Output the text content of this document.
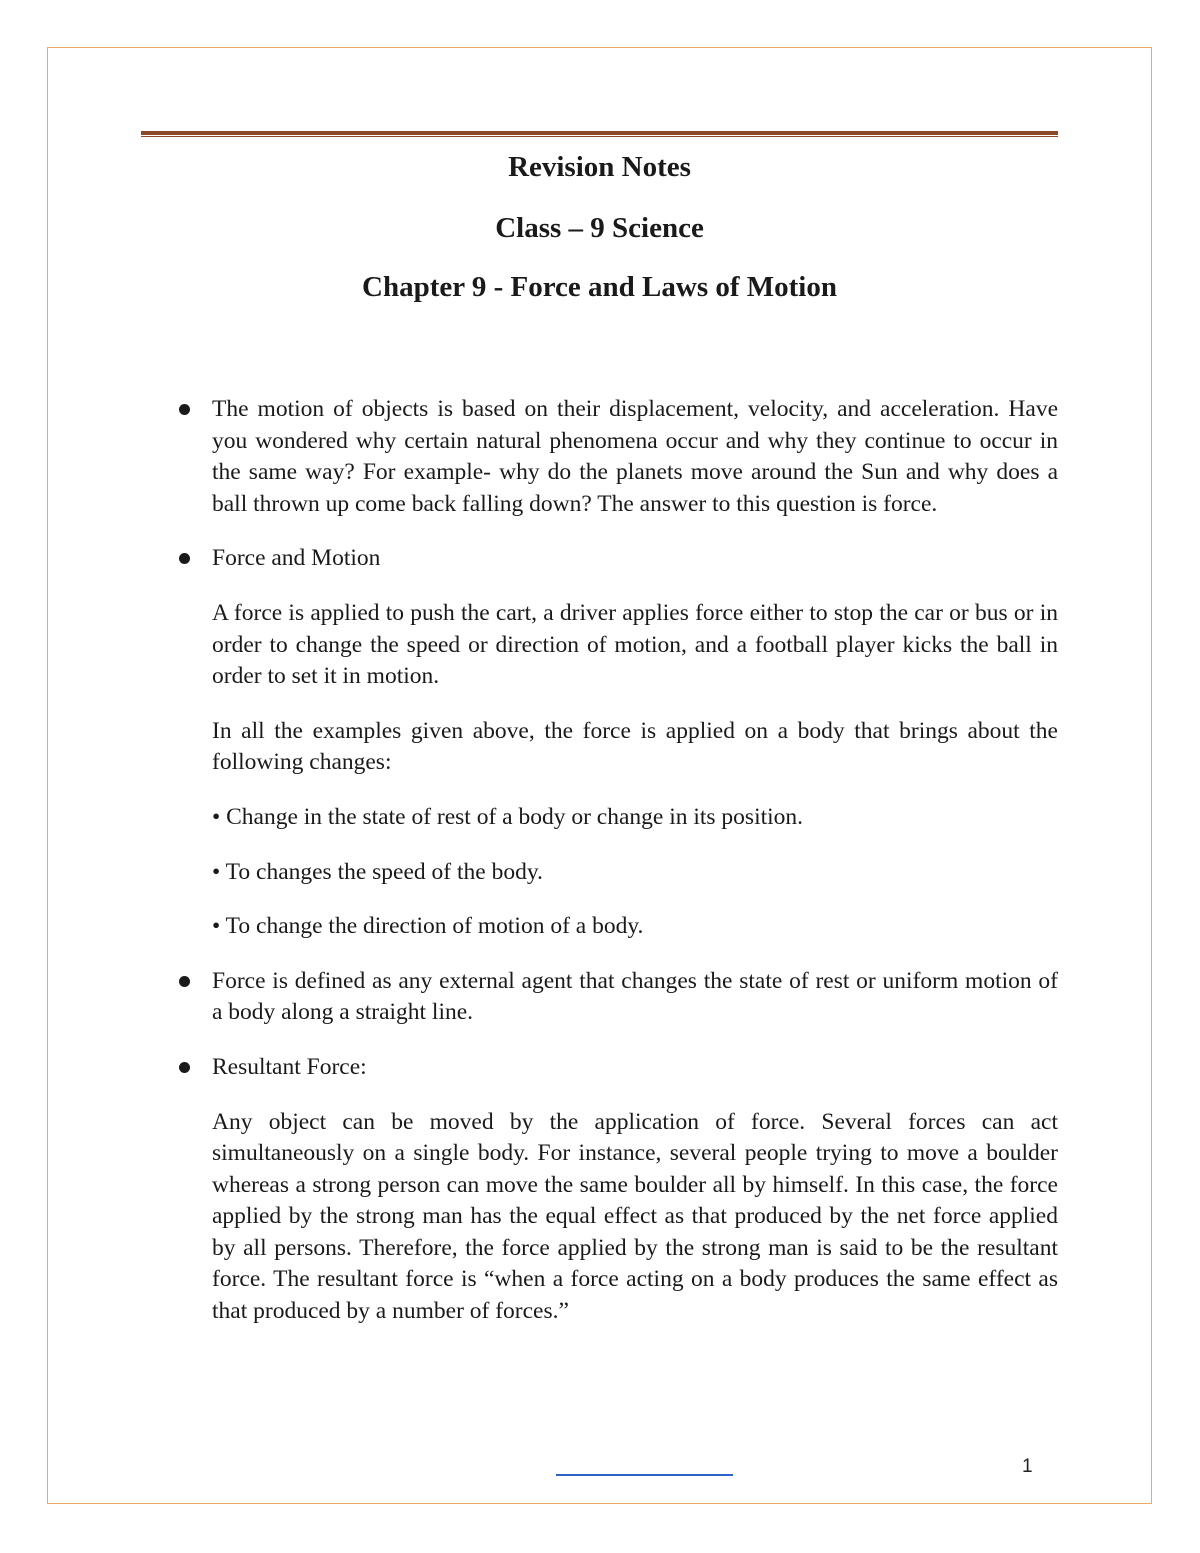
Revision Notes
Class – 9 Science
Chapter 9 - Force and Laws of Motion

The motion of objects is based on their displacement, velocity, and acceleration. Have you wondered why certain natural phenomena occur and why they continue to occur in the same way? For example- why do the planets move around the Sun and why does a ball thrown up come back falling down? The answer to this question is force.

Force and Motion

A force is applied to push the cart, a driver applies force either to stop the car or bus or in order to change the speed or direction of motion, and a football player kicks the ball in order to set it in motion.

In all the examples given above, the force is applied on a body that brings about the following changes:

• Change in the state of rest of a body or change in its position.

• To changes the speed of the body.

• To change the direction of motion of a body.

Force is defined as any external agent that changes the state of rest or uniform motion of a body along a straight line.

Resultant Force:

Any object can be moved by the application of force. Several forces can act simultaneously on a single body. For instance, several people trying to move a boulder whereas a strong person can move the same boulder all by himself. In this case, the force applied by the strong man has the equal effect as that produced by the net force applied by all persons. Therefore, the force applied by the strong man is said to be the resultant force. The resultant force is “when a force acting on a body produces the same effect as that produced by a number of forces.”

1
